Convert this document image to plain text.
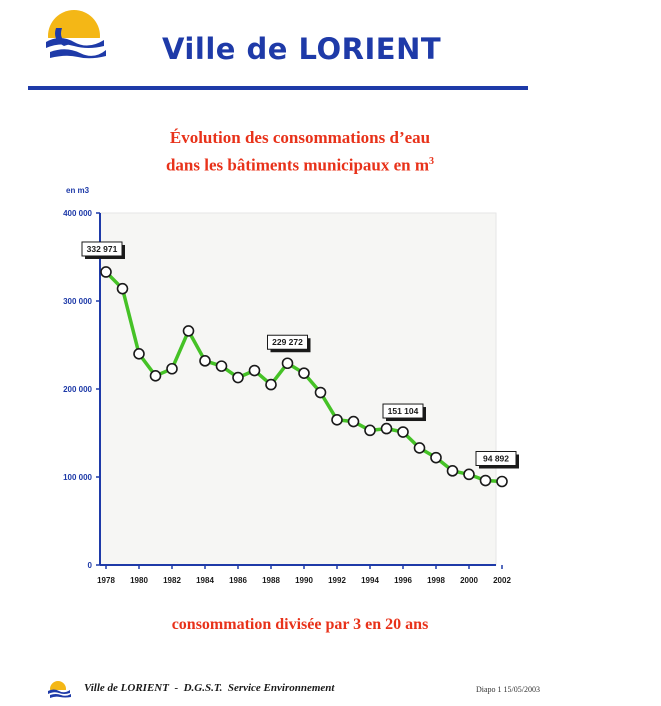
Ville de LORIENT
Évolution des consommations d’eau
dans les bâtiments municipaux en $m^3$
0
100 000
200 000
300 000
400 000
en m3
1978 1980 1982 1984 1986 1988 1990 1992 1994 1996 1998 2000 2002
332 971
229 272
151 104
94 892
consommation divisée par 3 en 20 ans
Ville de LORIENT  -  D.G.S.T.  Service Environnement	Diapo 1 15/05/2003
